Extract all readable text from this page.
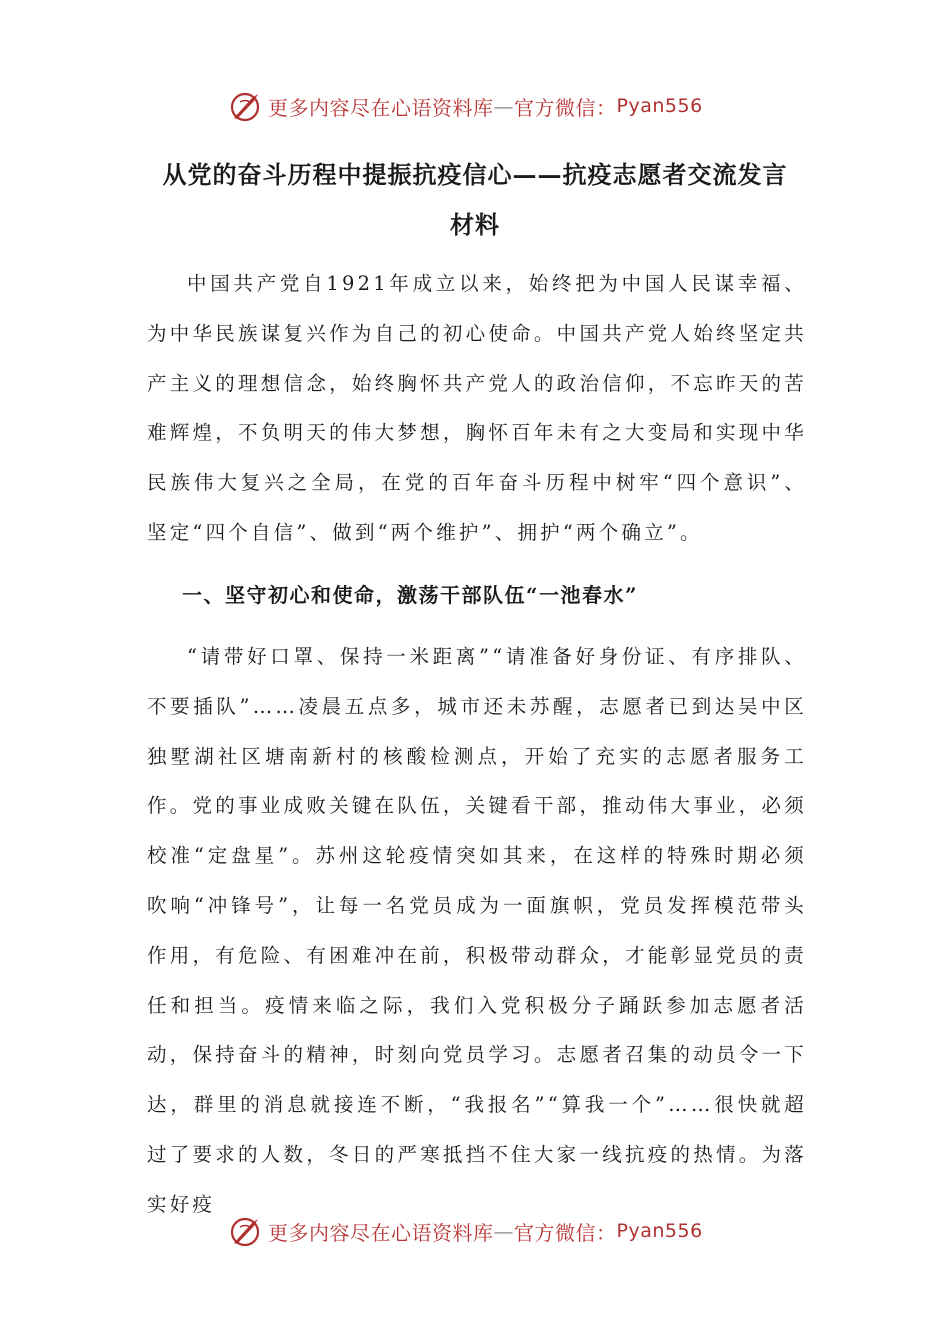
更多内容尽在心语资料库 — 官方微信： Pyan556
从党的奋斗历程中提振抗疫信心——抗疫志愿者交流发言
材料

中国共产党自1921年成立以来，始终把为中国人民谋幸福、为中华民族谋复兴作为自己的初心使命。中国共产党人始终坚定共产主义的理想信念，始终胸怀共产党人的政治信仰，不忘昨天的苦难辉煌，不负明天的伟大梦想，胸怀百年未有之大变局和实现中华民族伟大复兴之全局，在党的百年奋斗历程中树牢“四个意识”、坚定“四个自信”、做到“两个维护”、拥护“两个确立”。

一、坚守初心和使命，激荡干部队伍“一池春水”

“请带好口罩、保持一米距离”“请准备好身份证、有序排队、不要插队”……凌晨五点多，城市还未苏醒，志愿者已到达吴中区独墅湖社区塘南新村的核酸检测点，开始了充实的志愿者服务工作。党的事业成败关键在队伍，关键看干部，推动伟大事业，必须校准“定盘星”。苏州这轮疫情突如其来，在这样的特殊时期必须吹响“冲锋号”，让每一名党员成为一面旗帜，党员发挥模范带头作用，有危险、有困难冲在前，积极带动群众，才能彰显党员的责任和担当。疫情来临之际，我们入党积极分子踊跃参加志愿者活动，保持奋斗的精神，时刻向党员学习。志愿者召集的动员令一下达，群里的消息就接连不断，“我报名”“算我一个”……很快就超过了要求的人数，冬日的严寒抵挡不住大家一线抗疫的热情。为落实好疫

更多内容尽在心语资料库 — 官方微信： Pyan556
